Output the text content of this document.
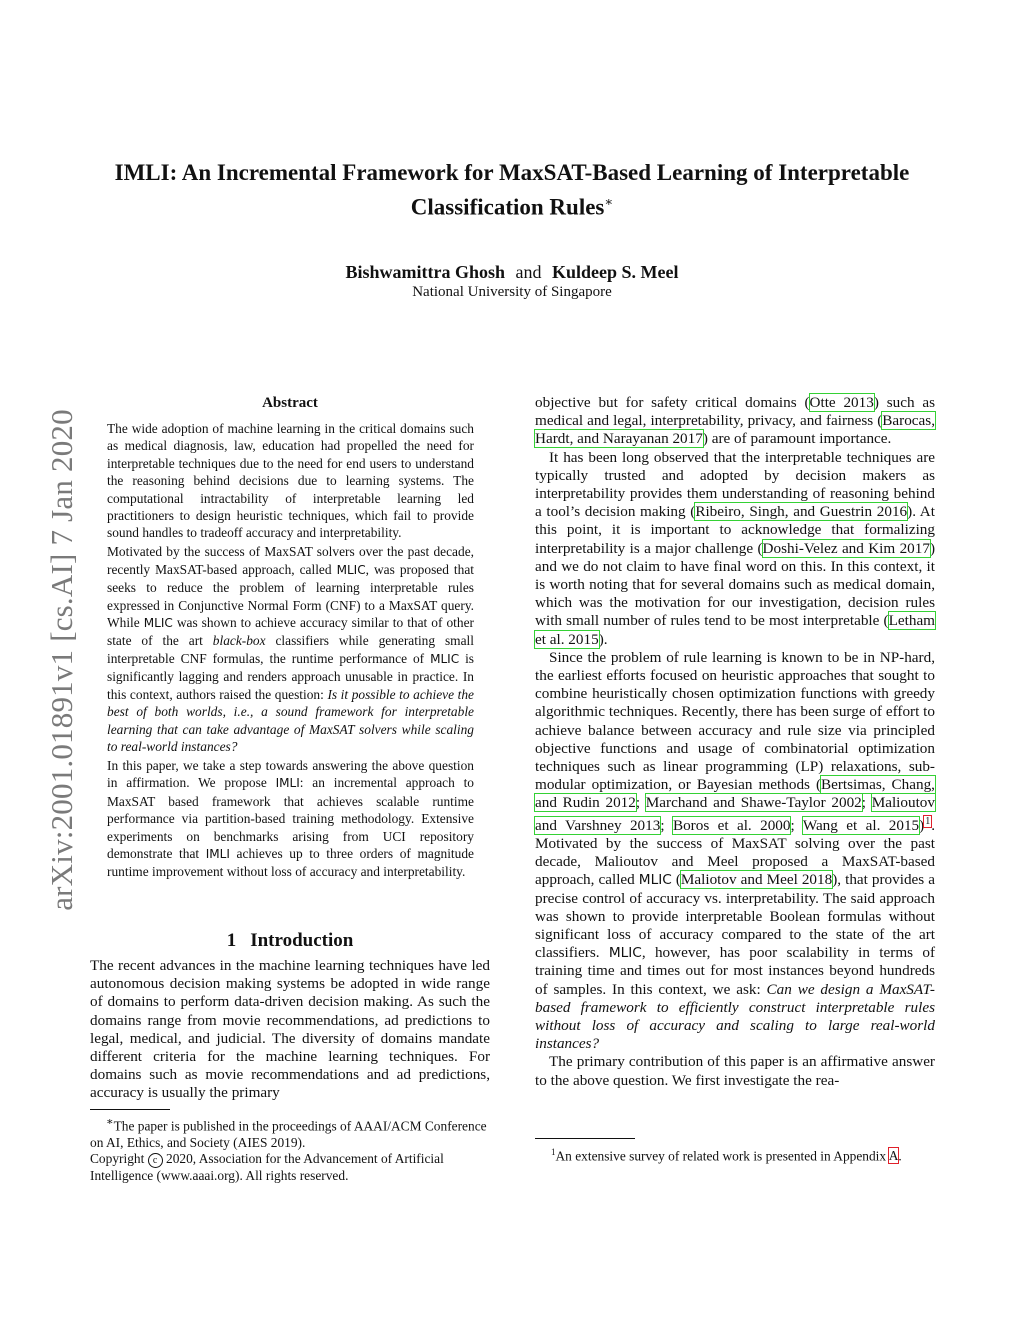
arXiv:2001.01891v1 [cs.AI] 7 Jan 2020
IMLI: An Incremental Framework for MaxSAT-Based Learning of Interpretable
Classification Rules∗
Bishwamittra Ghosh and Kuldeep S. Meel
National University of Singapore
Abstract

The wide adoption of machine learning in the critical domains such as medical diagnosis, law, education had propelled the need for interpretable techniques due to the need for end users to understand the reasoning behind decisions due to learning systems. The computational intractability of interpretable learning led practitioners to design heuristic techniques, which fail to provide sound handles to tradeoff accuracy and interpretability.

Motivated by the success of MaxSAT solvers over the past decade, recently MaxSAT-based approach, called MLIC, was proposed that seeks to reduce the problem of learning interpretable rules expressed in Conjunctive Normal Form (CNF) to a MaxSAT query. While MLIC was shown to achieve accuracy similar to that of other state of the art black-box classifiers while generating small interpretable CNF formulas, the runtime performance of MLIC is significantly lagging and renders approach unusable in practice. In this context, authors raised the question: Is it possible to achieve the best of both worlds, i.e., a sound framework for interpretable learning that can take advantage of MaxSAT solvers while scaling to real-world instances?

In this paper, we take a step towards answering the above question in affirmation. We propose IMLI: an incremental approach to MaxSAT based framework that achieves scalable runtime performance via partition-based training methodology. Extensive experiments on benchmarks arising from UCI repository demonstrate that IMLI achieves up to three orders of magnitude runtime improvement without loss of accuracy and interpretability.

1 Introduction
The recent advances in the machine learning techniques have led autonomous decision making systems be adopted in wide range of domains to perform data-driven decision making. As such the domains range from movie recommendations, ad predictions to legal, medical, and judicial. The diversity of domains mandate different criteria for the machine learning techniques. For domains such as movie recommendations and ad predictions, accuracy is usually the primary

∗The paper is published in the proceedings of AAAI/ACM Conference on AI, Ethics, and Society (AIES 2019).

Copyright c 2020, Association for the Advancement of Artificial Intelligence (www.aaai.org). All rights reserved.

objective but for safety critical domains (Otte 2013) such as medical and legal, interpretability, privacy, and fairness (Barocas, Hardt, and Narayanan 2017) are of paramount importance.

It has been long observed that the interpretable techniques are typically trusted and adopted by decision makers as interpretability provides them understanding of reasoning behind a tool’s decision making (Ribeiro, Singh, and Guestrin 2016). At this point, it is important to acknowledge that formalizing interpretability is a major challenge (Doshi-Velez and Kim 2017) and we do not claim to have final word on this. In this context, it is worth noting that for several domains such as medical domain, which was the motivation for our investigation, decision rules with small number of rules tend to be most interpretable (Letham et al. 2015).

Since the problem of rule learning is known to be in NP-hard, the earliest efforts focused on heuristic approaches that sought to combine heuristically chosen optimization functions with greedy algorithmic techniques. Recently, there has been surge of effort to achieve balance between accuracy and rule size via principled objective functions and usage of combinatorial optimization techniques such as linear programming (LP) relaxations, sub-modular optimization, or Bayesian methods (Bertsimas, Chang, and Rudin 2012; Marchand and Shawe-Taylor 2002; Malioutov and Varshney 2013; Boros et al. 2000; Wang et al. 2015)$^1$. Motivated by the success of MaxSAT solving over the past decade, Malioutov and Meel proposed a MaxSAT-based approach, called MLIC (Maliotov and Meel 2018), that provides a precise control of accuracy vs. interpretability. The said approach was shown to provide interpretable Boolean formulas without significant loss of accuracy compared to the state of the art classifiers. MLIC, however, has poor scalability in terms of training time and times out for most instances beyond hundreds of samples. In this context, we ask: Can we design a MaxSAT-based framework to efficiently construct interpretable rules without loss of accuracy and scaling to large real-world instances?

The primary contribution of this paper is an affirmative answer to the above question. We first investigate the rea-

$^1$An extensive survey of related work is presented in Appendix A.
